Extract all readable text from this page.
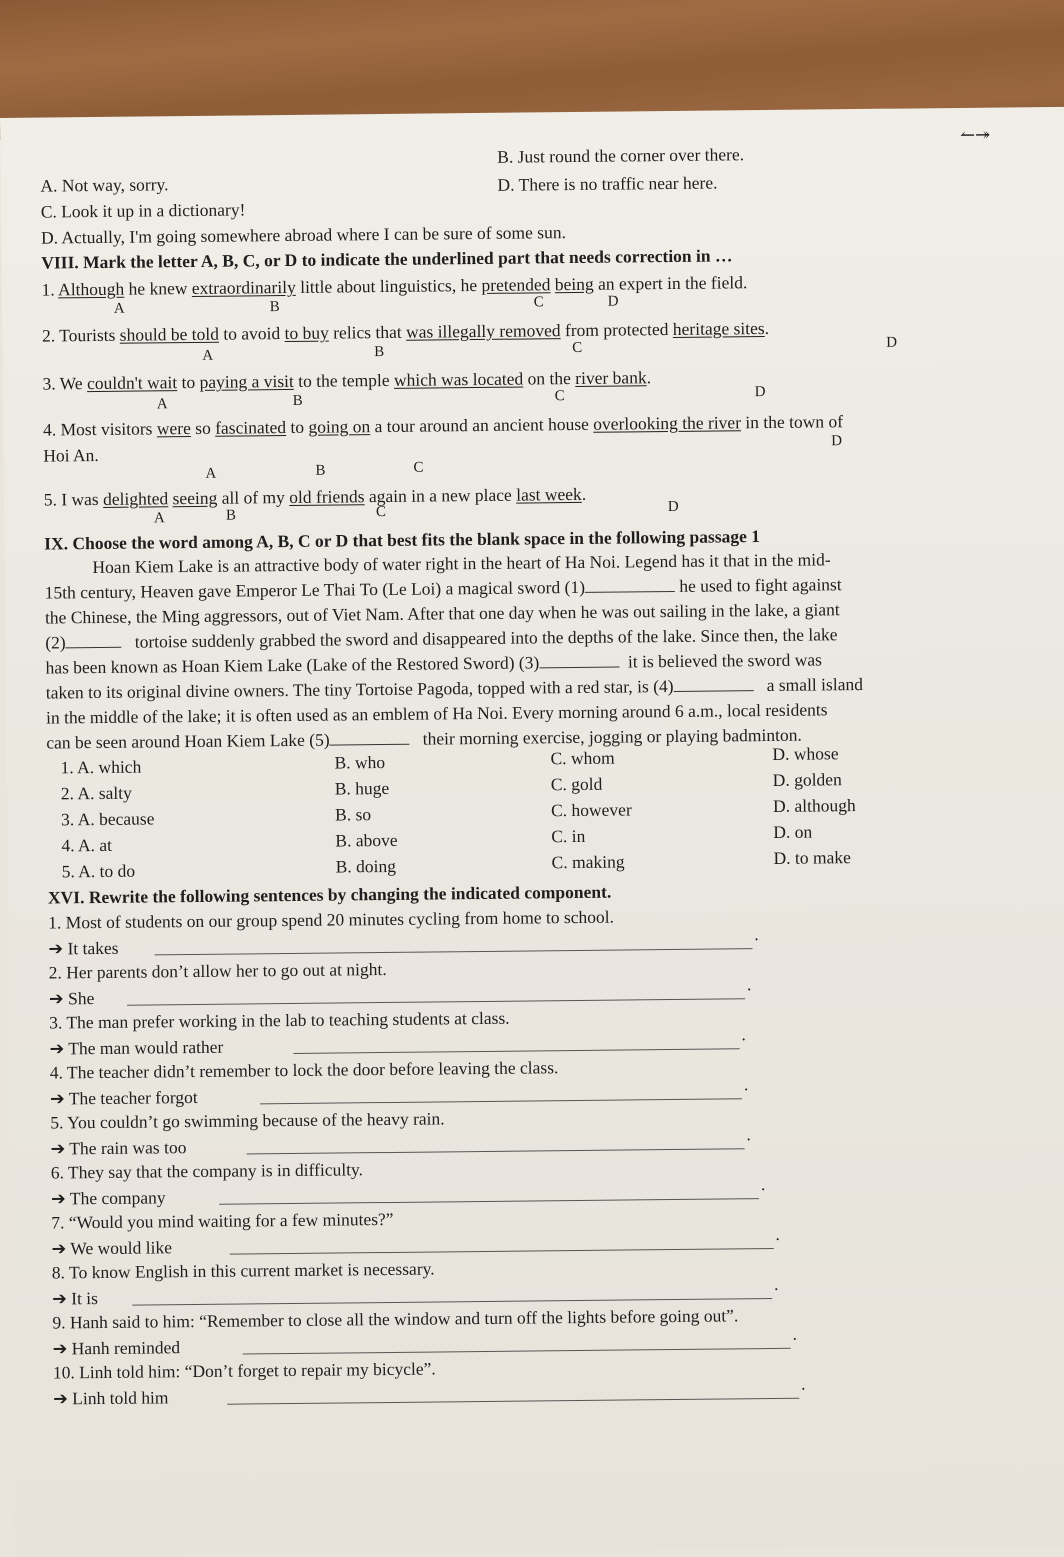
↼↠
B. Just round the corner over there.
A. Not way, sorry.	D. There is no traffic near here.
C. Look it up in a dictionary!
D. Actually, I'm going somewhere abroad where I can be sure of some sun.
VIII. Mark the letter A, B, C, or D to indicate the underlined part that needs correction in …
1. Although he knew extraordinarily little about linguistics, he pretended being an expert in the field.
A	B	C	D
2. Tourists should be told to avoid to buy relics that was illegally removed from protected heritage sites.
A	B	C	D
3. We couldn't wait to paying a visit to the temple which was located on the river bank.
A	B	C	D
4. Most visitors were so fascinated to going on a tour around an ancient house overlooking the river in the town of
Hoi An.
D
A	B	C
5. I was delighted seeing all of my old friends again in a new place last week.
A	B	C	D
IX. Choose the word among A, B, C or D that best fits the blank space in the following passage 1
Hoan Kiem Lake is an attractive body of water right in the heart of Ha Noi. Legend has it that in the mid-
15th century, Heaven gave Emperor Le Thai To (Le Loi) a magical sword (1)	he used to fight against
the Chinese, the Ming aggressors, out of Viet Nam. After that one day when he was out sailing in the lake, a giant
(2)	tortoise suddenly grabbed the sword and disappeared into the depths of the lake. Since then, the lake
has been known as Hoan Kiem Lake (Lake of the Restored Sword) (3)	it is believed the sword was
taken to its original divine owners. The tiny Tortoise Pagoda, topped with a red star, is (4)	a small island
in the middle of the lake; it is often used as an emblem of Ha Noi. Every morning around 6 a.m., local residents
can be seen around Hoan Kiem Lake (5)	their morning exercise, jogging or playing badminton.
1. A. which	B. who	C. whom	D. whose
2. A. salty	B. huge	C. gold	D. golden
3. A. because	B. so	C. however	D. although
4. A. at	B. above	C. in	D. on
5. A. to do	B. doing	C. making	D. to make
XVI. Rewrite the following sentences by changing the indicated component.
1. Most of students on our group spend 20 minutes cycling from home to school.
➔ It takes
.
2. Her parents don’t allow her to go out at night.
➔ She
.
3. The man prefer working in the lab to teaching students at class.
➔ The man would rather
.
4. The teacher didn’t remember to lock the door before leaving the class.
➔ The teacher forgot
.
5. You couldn’t go swimming because of the heavy rain.
➔ The rain was too
.
6. They say that the company is in difficulty.
➔ The company
.
7. “Would you mind waiting for a few minutes?”
➔ We would like
.
8. To know English in this current market is necessary.
➔ It is
.
9. Hanh said to him: “Remember to close all the window and turn off the lights before going out”.
➔ Hanh reminded
.
10. Linh told him: “Don’t forget to repair my bicycle”.
➔ Linh told him
.
